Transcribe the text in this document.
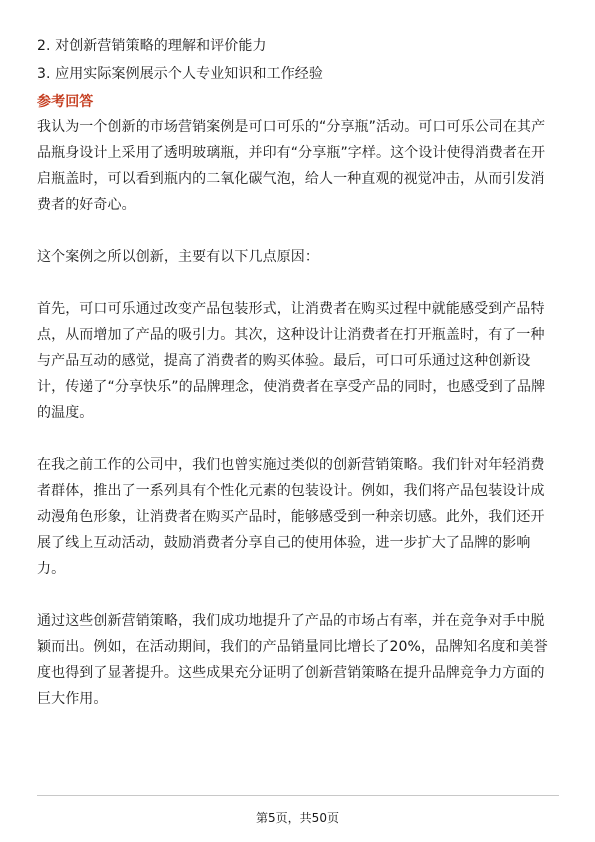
2. 对创新营销策略的理解和评价能力

3. 应用实际案例展示个人专业知识和工作经验

参考回答

我认为一个创新的市场营销案例是可口可乐的“分享瓶”活动。可口可乐公司在其产

品瓶身设计上采用了透明玻璃瓶，并印有“分享瓶”字样。这个设计使得消费者在开

启瓶盖时，可以看到瓶内的二氧化碳气泡，给人一种直观的视觉冲击，从而引发消

费者的好奇心。

这个案例之所以创新，主要有以下几点原因：

首先，可口可乐通过改变产品包装形式，让消费者在购买过程中就能感受到产品特

点，从而增加了产品的吸引力。其次，这种设计让消费者在打开瓶盖时，有了一种

与产品互动的感觉，提高了消费者的购买体验。最后，可口可乐通过这种创新设

计，传递了“分享快乐”的品牌理念，使消费者在享受产品的同时，也感受到了品牌

的温度。

在我之前工作的公司中，我们也曾实施过类似的创新营销策略。我们针对年轻消费

者群体，推出了一系列具有个性化元素的包装设计。例如，我们将产品包装设计成

动漫角色形象，让消费者在购买产品时，能够感受到一种亲切感。此外，我们还开

展了线上互动活动，鼓励消费者分享自己的使用体验，进一步扩大了品牌的影响

力。

通过这些创新营销策略，我们成功地提升了产品的市场占有率，并在竞争对手中脱

颖而出。例如，在活动期间，我们的产品销量同比增长了20%，品牌知名度和美誉

度也得到了显著提升。这些成果充分证明了创新营销策略在提升品牌竞争力方面的

巨大作用。

第5页，共50页
